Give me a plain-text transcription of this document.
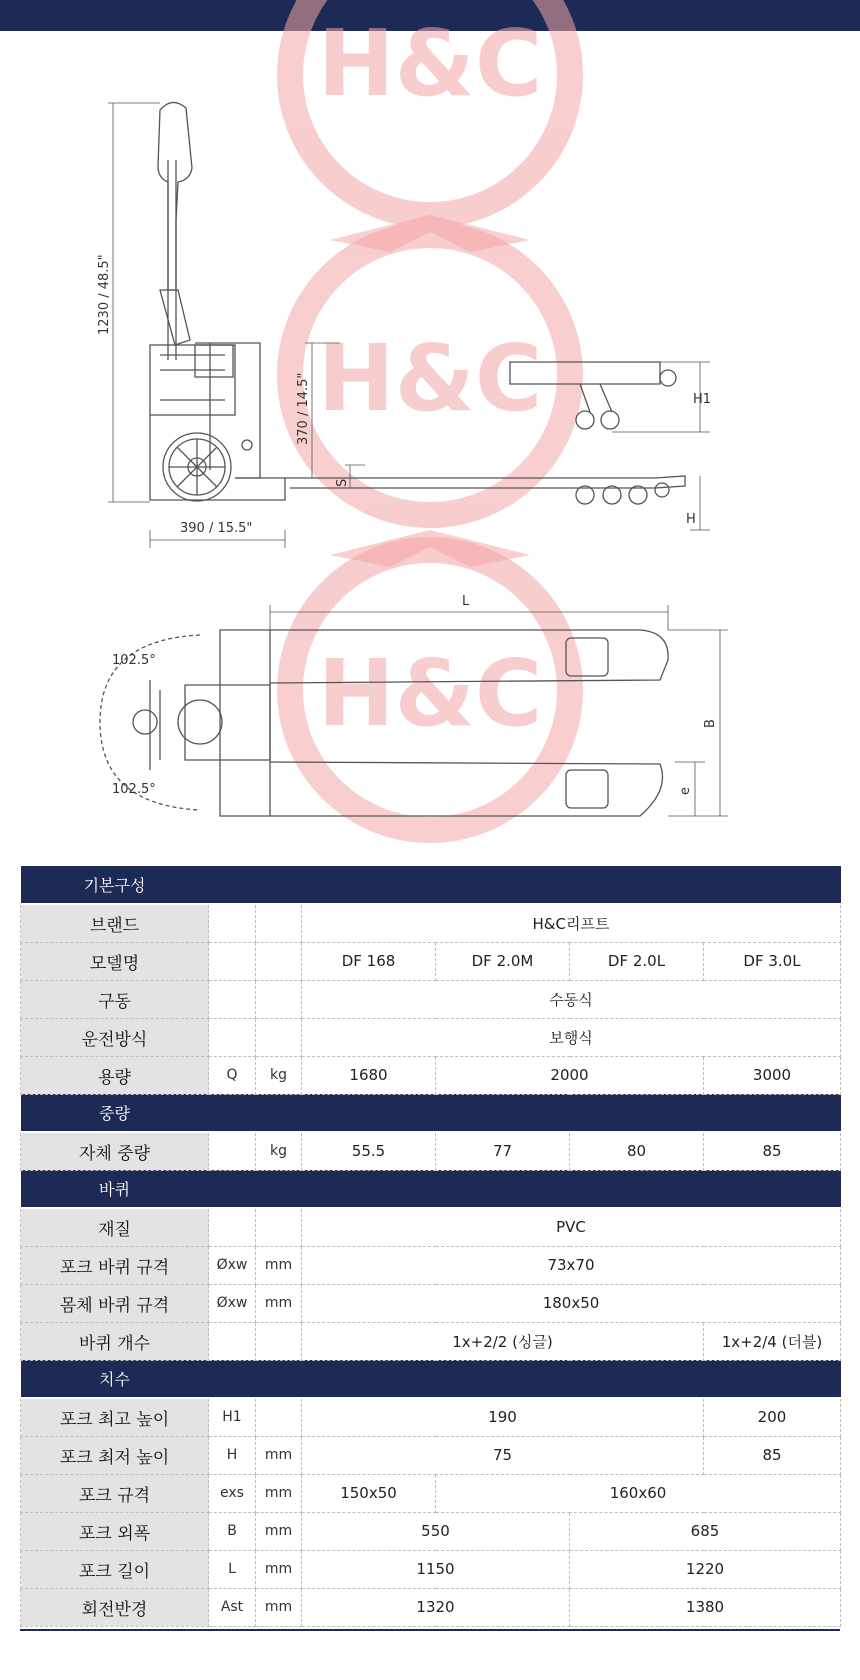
H&C
H&C
H&C
1230 / 48.5"
390 / 15.5"
370 / 14.5"
S
H1
H
L
B
e
102.5°
102.5°
기본구성						
브랜드			H&C리프트			
모델명			DF 168	DF 2.0M	DF 2.0L	DF 3.0L
구동			수동식			
운전방식			보행식			
용량	Q	kg	1680	2000		3000
중량						
자체 중량		kg	55.5	77	80	85
바퀴						
재질			PVC			
포크 바퀴 규격	Øxw	mm	73x70			
몸체 바퀴 규격	Øxw	mm	180x50			
바퀴 개수			1x+2/2 (싱글)			1x+2/4 (더블)
치수						
포크 최고 높이	H1		190			200
포크 최저 높이	H	mm	75			85
포크 규격	exs	mm	150x50	160x60		
포크 외폭	B	mm	550		685	
포크 길이	L	mm	1150		1220	
회전반경	Ast	mm	1320		1380	
